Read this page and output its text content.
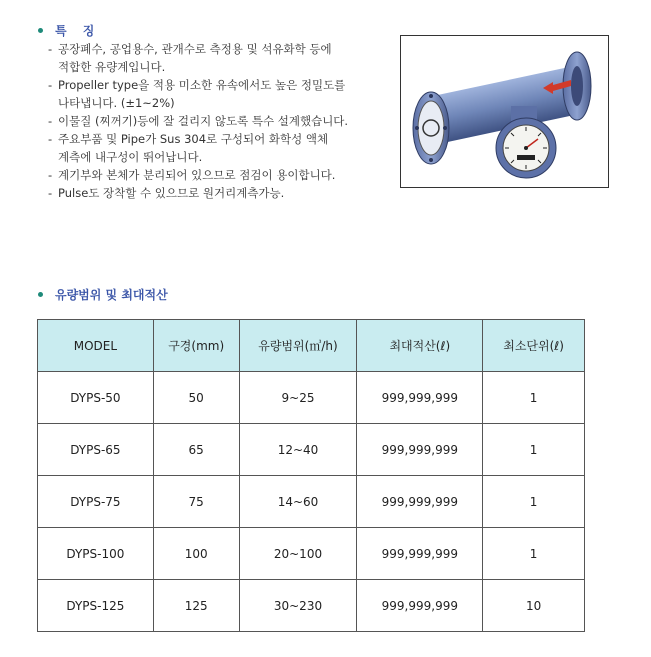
특 징
- 공장폐수, 공업용수, 관개수로 측정용 및 석유화학 등에
적합한 유량계입니다.
- Propeller type을 적용 미소한 유속에서도 높은 정밀도를
나타냅니다. (±1~2%)
- 이물질 (찌꺼기)등에 잘 걸리지 않도록 특수 설계했습니다.
- 주요부품 및 Pipe가 Sus 304로 구성되어 화학성 액체
계측에 내구성이 뛰어납니다.
- 계기부와 본체가 분리되어 있으므로 점검이 용이합니다.
- Pulse도 장착할 수 있으므로 원거리계측가능.
유량범위 및 최대적산
MODEL	구경(mm)	유량범위(㎥/h)	최대적산(ℓ)	최소단위(ℓ)
DYPS-50	50	9~25	999,999,999	1
DYPS-65	65	12~40	999,999,999	1
DYPS-75	75	14~60	999,999,999	1
DYPS-100	100	20~100	999,999,999	1
DYPS-125	125	30~230	999,999,999	10
